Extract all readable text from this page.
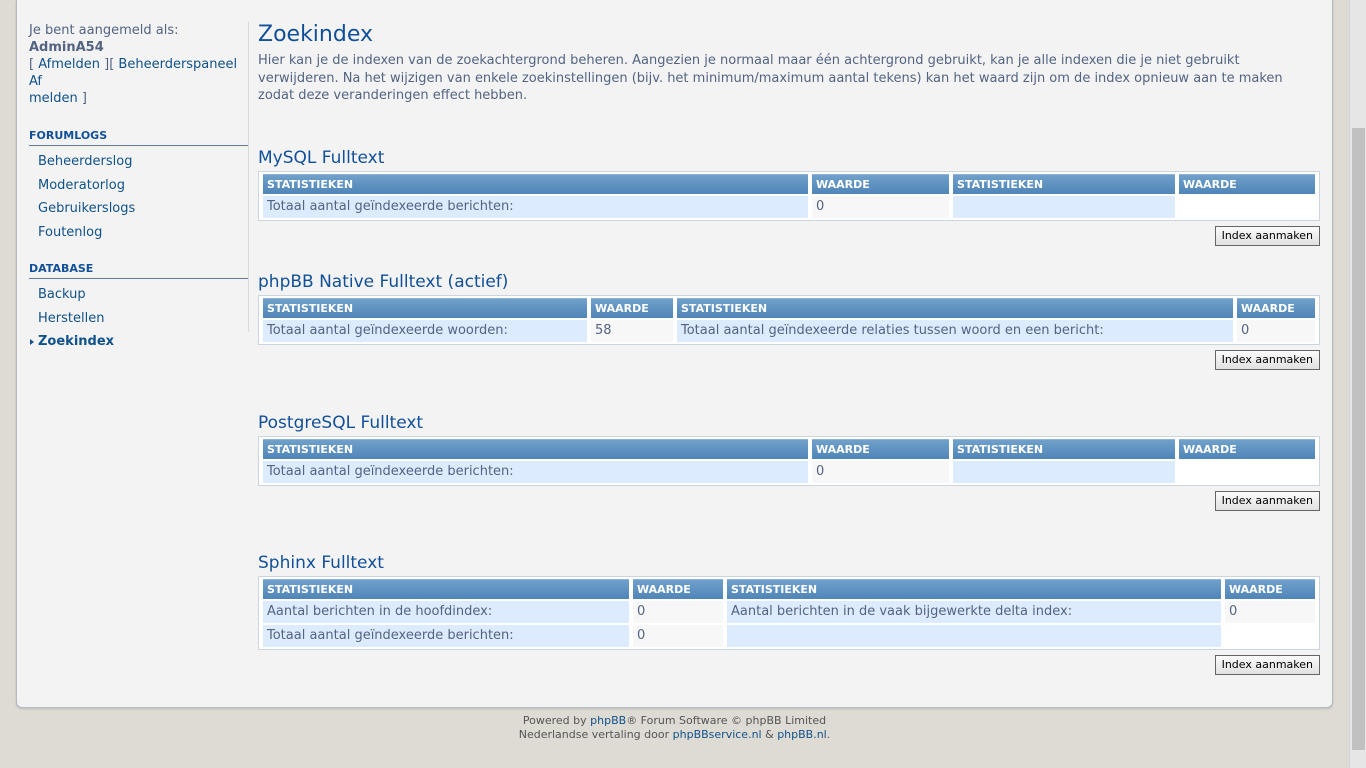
Je bent aangemeld als:
AdminA54
[ Afmelden ][ Beheerderspaneel Af
melden ]
FORUMLOGS
Beheerderslog
Moderatorlog
Gebruikerslogs
Foutenlog
DATABASE
Backup
Herstellen
Zoekindex
Zoekindex

Hier kan je de indexen van de zoekachtergrond beheren. Aangezien je normaal maar één achtergrond gebruikt, kan je alle indexen die je niet gebruikt verwijderen. Na het wijzigen van enkele zoekinstellingen (bijv. het minimum/maximum aantal tekens) kan het waard zijn om de index opnieuw aan te maken zodat deze veranderingen effect hebben.

MySQL Fulltext
STATISTIEKEN	WAARDE	STATISTIEKEN	WAARDE
Totaal aantal geïndexeerde berichten:	0		
Index aanmaken
phpBB Native Fulltext (actief)
STATISTIEKEN	WAARDE	STATISTIEKEN	WAARDE
Totaal aantal geïndexeerde woorden:	58	Totaal aantal geïndexeerde relaties tussen woord en een bericht:	0
Index aanmaken
PostgreSQL Fulltext
STATISTIEKEN	WAARDE	STATISTIEKEN	WAARDE
Totaal aantal geïndexeerde berichten:	0		
Index aanmaken
Sphinx Fulltext
STATISTIEKEN	WAARDE	STATISTIEKEN	WAARDE
Aantal berichten in de hoofdindex:	0	Aantal berichten in de vaak bijgewerkte delta index:	0
Totaal aantal geïndexeerde berichten:	0		
Index aanmaken
Powered by phpBB® Forum Software © phpBB Limited
Nederlandse vertaling door phpBBservice.nl & phpBB.nl.
